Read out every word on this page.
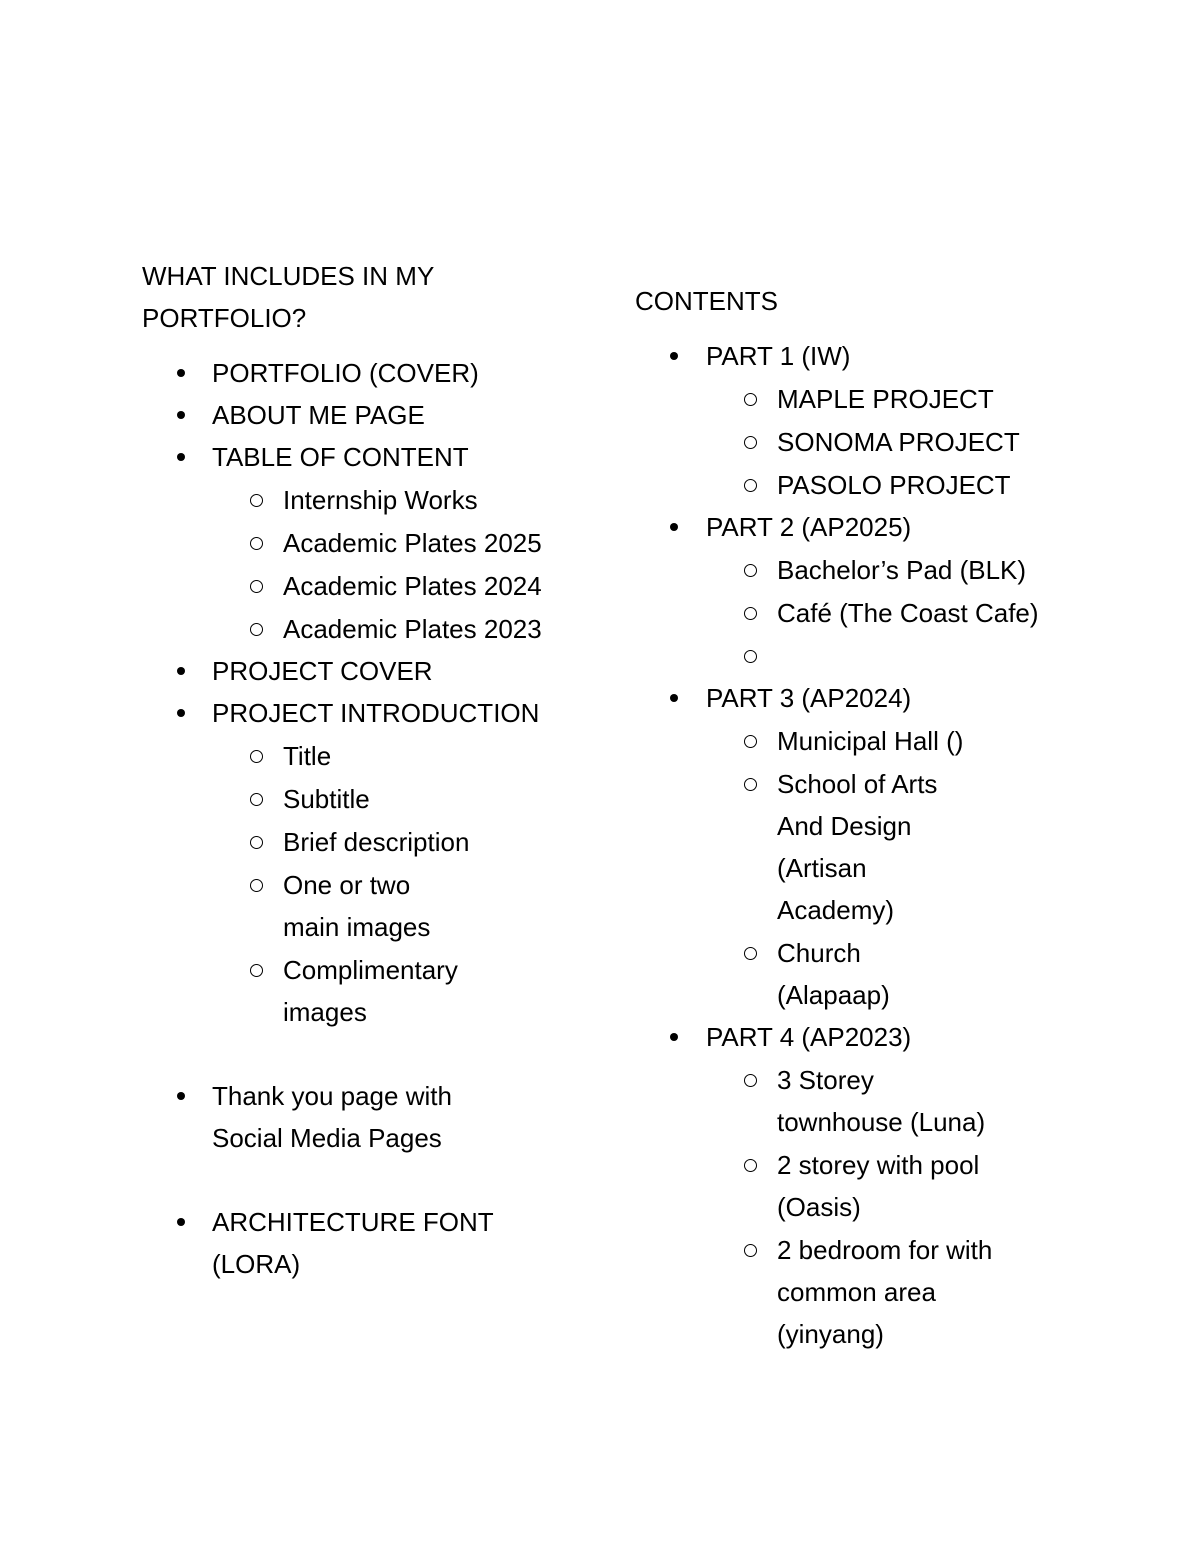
WHAT INCLUDES IN MY PORTFOLIO?

PORTFOLIO (COVER)
ABOUT ME PAGE
TABLE OF CONTENT
Internship Works
Academic Plates 2025
Academic Plates 2024
Academic Plates 2023
PROJECT COVER
PROJECT INTRODUCTION
Title
Subtitle
Brief description
One or two main images
Complimentary images
Thank you page with Social Media Pages
ARCHITECTURE FONT (LORA)

CONTENTS

PART 1 (IW)
MAPLE PROJECT
SONOMA PROJECT
PASOLO PROJECT
PART 2 (AP2025)
Bachelor’s Pad (BLK)
Café (The Coast Cafe)
PART 3 (AP2024)
Municipal Hall ()
School of Arts And Design (Artisan Academy)
Church (Alapaap)
PART 4 (AP2023)
3 Storey townhouse (Luna)
2 storey with pool (Oasis)
2 bedroom for with common area (yinyang)
